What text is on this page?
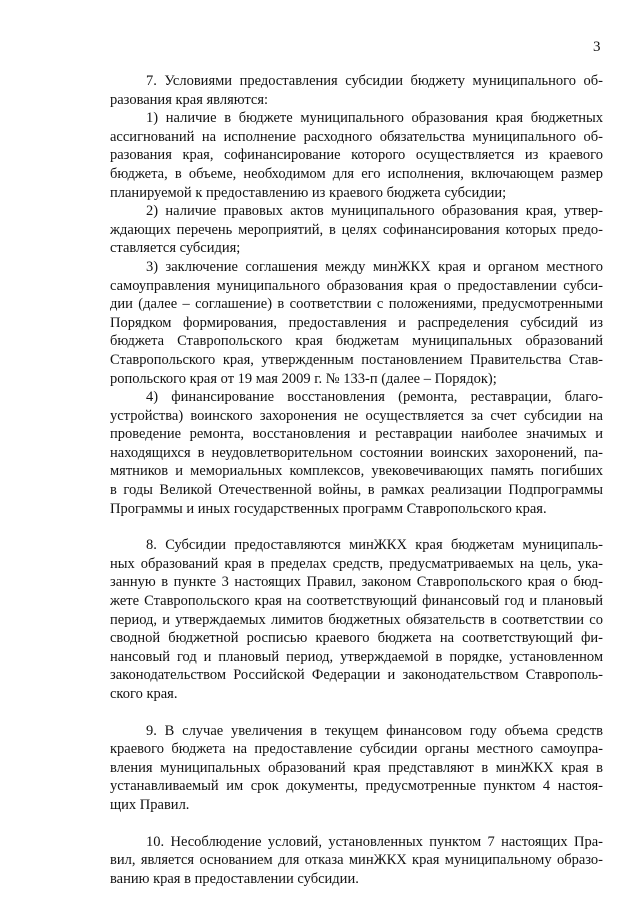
3

7. Условиями предоставления субсидии бюджету муниципального об-
разования края являются:

1) наличие в бюджете муниципального образования края бюджетных
ассигнований на исполнение расходного обязательства муниципального об-
разования края, софинансирование которого осуществляется из краевого
бюджета, в объеме, необходимом для его исполнения, включающем размер
планируемой к предоставлению из краевого бюджета субсидии;

2) наличие правовых актов муниципального образования края, утвер-
ждающих перечень мероприятий, в целях софинансирования которых предо-
ставляется субсидия;

3) заключение соглашения между минЖКХ края и органом местного
самоуправления муниципального образования края о предоставлении субси-
дии (далее – соглашение) в соответствии с положениями, предусмотренными
Порядком формирования, предоставления и распределения субсидий из
бюджета Ставропольского края бюджетам муниципальных образований
Ставропольского края, утвержденным постановлением Правительства Став-
ропольского края от 19 мая 2009 г. № 133-п (далее – Порядок);

4) финансирование восстановления (ремонта, реставрации, благо-
устройства) воинского захоронения не осуществляется за счет субсидии на
проведение ремонта, восстановления и реставрации наиболее значимых и
находящихся в неудовлетворительном состоянии воинских захоронений, па-
мятников и мемориальных комплексов, увековечивающих память погибших
в годы Великой Отечественной войны, в рамках реализации Подпрограммы
Программы и иных государственных программ Ставропольского края.

8. Субсидии предоставляются минЖКХ края бюджетам муниципаль-
ных образований края в пределах средств, предусматриваемых на цель, ука-
занную в пункте 3 настоящих Правил, законом Ставропольского края о бюд-
жете Ставропольского края на соответствующий финансовый год и плановый
период, и утверждаемых лимитов бюджетных обязательств в соответствии со
сводной бюджетной росписью краевого бюджета на соответствующий фи-
нансовый год и плановый период, утверждаемой в порядке, установленном
законодательством Российской Федерации и законодательством Ставрополь-
ского края.

9. В случае увеличения в текущем финансовом году объема средств
краевого бюджета на предоставление субсидии органы местного самоупра-
вления муниципальных образований края представляют в минЖКХ края в
устанавливаемый им срок документы, предусмотренные пунктом 4 настоя-
щих Правил.

10. Несоблюдение условий, установленных пунктом 7 настоящих Пра-
вил, является основанием для отказа минЖКХ края муниципальному образо-
ванию края в предоставлении субсидии.
